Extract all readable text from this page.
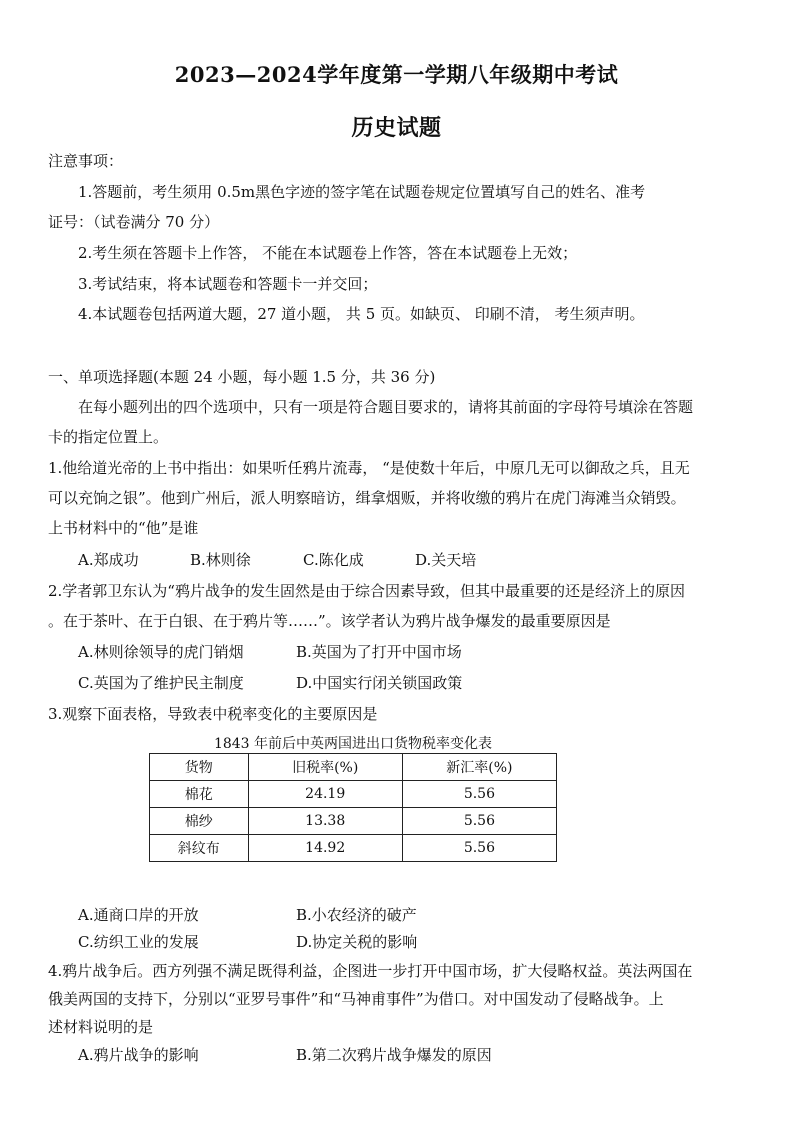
2023—2024学年度第一学期八年级期中考试
历史试题
注意事项：
1.答题前，考生须用 0.5m黑色字迹的签字笔在试题卷规定位置填写自己的姓名、准考
证号：（试卷满分 70 分）
2.考生须在答题卡上作答， 不能在本试题卷上作答，答在本试题卷上无效；
3.考试结束，将本试题卷和答题卡一并交回；
4.本试题卷包括两道大题，27 道小题， 共 5 页。如缺页、 印刷不清， 考生须声明。
一、单项选择题(本题 24 小题，每小题 1.5 分，共 36 分)
在每小题列出的四个选项中，只有一项是符合题目要求的，请将其前面的字母符号填涂在答题
卡的指定位置上。
1.他给道光帝的上书中指出：如果听任鸦片流毒， “是使数十年后，中原几无可以御敌之兵，且无
可以充饷之银”。他到广州后，派人明察暗访，缉拿烟贩，并将收缴的鸦片在虎门海滩当众销毁。
上书材料中的“他”是谁
A.郑成功	B.林则徐	C.陈化成	D.关天培
2.学者郭卫东认为“鸦片战争的发生固然是由于综合因素导致，但其中最重要的还是经济上的原因
。在于茶叶、在于白银、在于鸦片等……”。该学者认为鸦片战争爆发的最重要原因是
A.林则徐领导的虎门销烟	B.英国为了打开中国市场
C.英国为了维护民主制度	D.中国实行闭关锁国政策
3.观察下面表格，导致表中税率变化的主要原因是
1843 年前后中英两国进出口货物税率变化表
货物	旧税率(%)	新汇率(%)
棉花	24.19	5.56
棉纱	13.38	5.56
斜纹布	14.92	5.56
A.通商口岸的开放	B.小农经济的破产
C.纺织工业的发展	D.协定关税的影响
4.鸦片战争后。西方列强不满足既得利益，企图进一步打开中国市场，扩大侵略权益。英法两国在
俄美两国的支持下，分别以“亚罗号事件”和“马神甫事件”为借口。对中国发动了侵略战争。上
述材料说明的是
A.鸦片战争的影响	B.第二次鸦片战争爆发的原因
